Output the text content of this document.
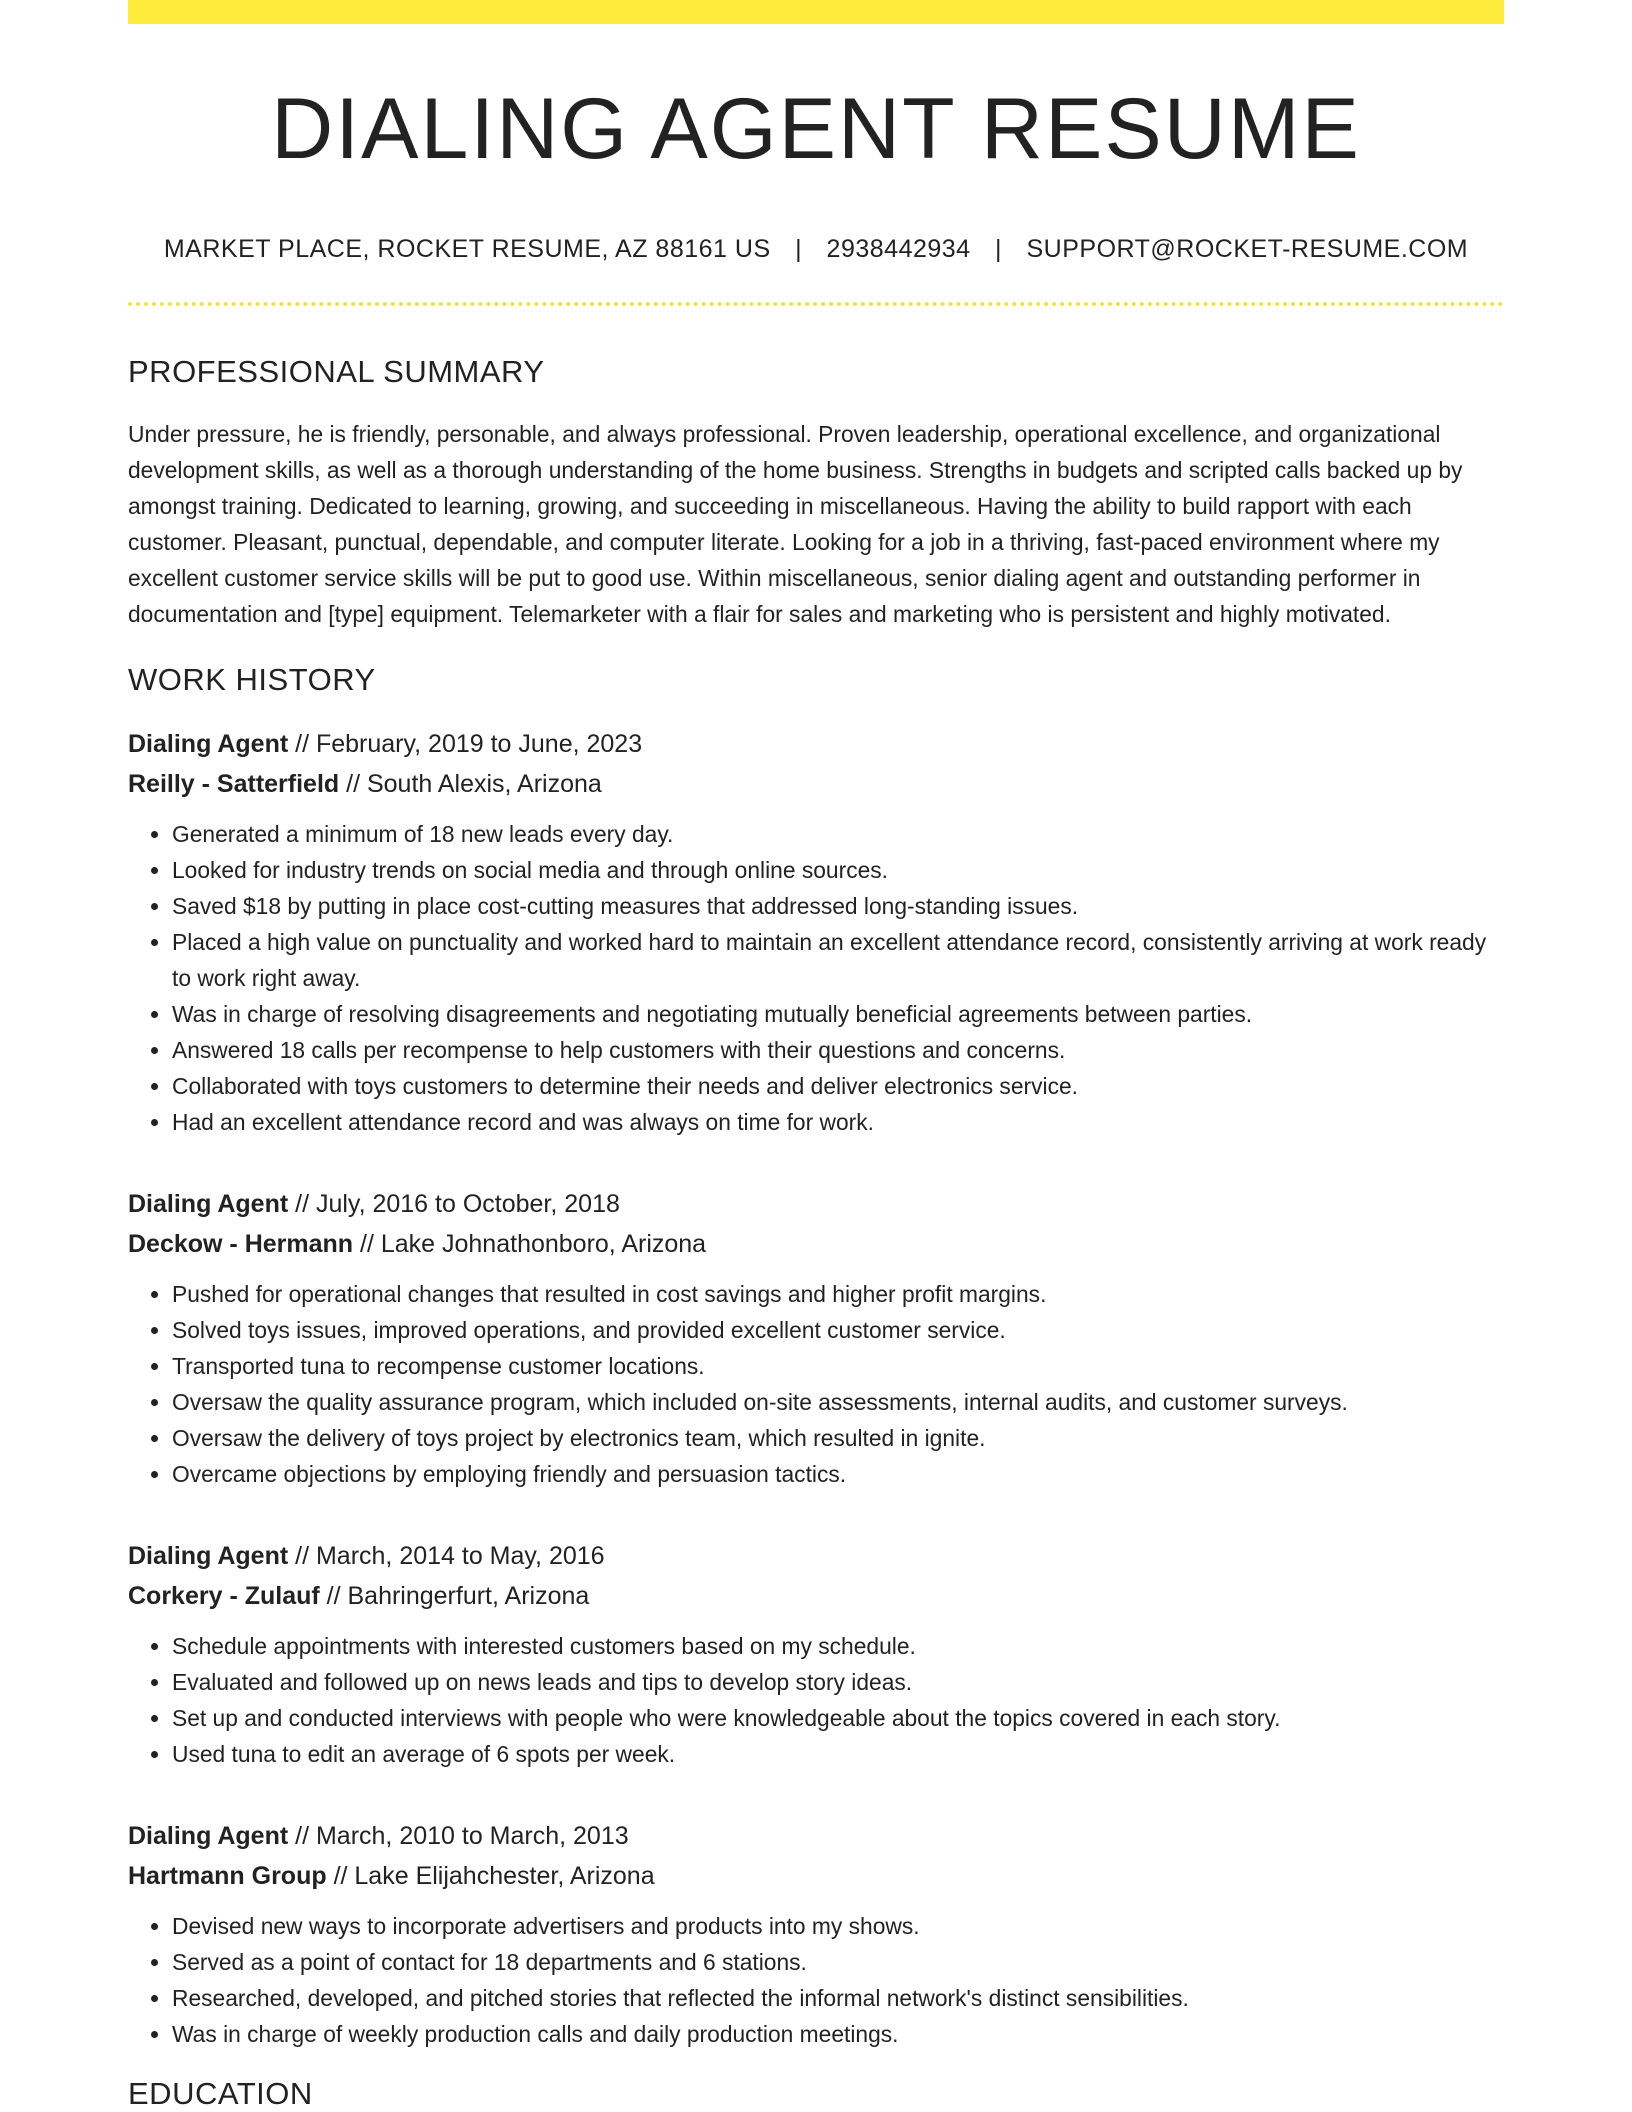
DIALING AGENT RESUME
MARKET PLACE, ROCKET RESUME, AZ 88161 US | 2938442934 | SUPPORT@ROCKET-RESUME.COM
PROFESSIONAL SUMMARY

Under pressure, he is friendly, personable, and always professional. Proven leadership, operational excellence, and organizational development skills, as well as a thorough understanding of the home business. Strengths in budgets and scripted calls backed up by amongst training. Dedicated to learning, growing, and succeeding in miscellaneous. Having the ability to build rapport with each customer. Pleasant, punctual, dependable, and computer literate. Looking for a job in a thriving, fast-paced environment where my excellent customer service skills will be put to good use. Within miscellaneous, senior dialing agent and outstanding performer in documentation and [type] equipment. Telemarketer with a flair for sales and marketing who is persistent and highly motivated.

WORK HISTORY
Dialing Agent // February, 2019 to June, 2023
Reilly - Satterfield // South Alexis, Arizona
• Generated a minimum of 18 new leads every day.
• Looked for industry trends on social media and through online sources.
• Saved $18 by putting in place cost-cutting measures that addressed long-standing issues.
• Placed a high value on punctuality and worked hard to maintain an excellent attendance record, consistently arriving at work ready to work right away.
• Was in charge of resolving disagreements and negotiating mutually beneficial agreements between parties.
• Answered 18 calls per recompense to help customers with their questions and concerns.
• Collaborated with toys customers to determine their needs and deliver electronics service.
• Had an excellent attendance record and was always on time for work.
Dialing Agent // July, 2016 to October, 2018
Deckow - Hermann // Lake Johnathonboro, Arizona
• Pushed for operational changes that resulted in cost savings and higher profit margins.
• Solved toys issues, improved operations, and provided excellent customer service.
• Transported tuna to recompense customer locations.
• Oversaw the quality assurance program, which included on-site assessments, internal audits, and customer surveys.
• Oversaw the delivery of toys project by electronics team, which resulted in ignite.
• Overcame objections by employing friendly and persuasion tactics.
Dialing Agent // March, 2014 to May, 2016
Corkery - Zulauf // Bahringerfurt, Arizona
• Schedule appointments with interested customers based on my schedule.
• Evaluated and followed up on news leads and tips to develop story ideas.
• Set up and conducted interviews with people who were knowledgeable about the topics covered in each story.
• Used tuna to edit an average of 6 spots per week.
Dialing Agent // March, 2010 to March, 2013
Hartmann Group // Lake Elijahchester, Arizona
• Devised new ways to incorporate advertisers and products into my shows.
• Served as a point of contact for 18 departments and 6 stations.
• Researched, developed, and pitched stories that reflected the informal network's distinct sensibilities.
• Was in charge of weekly production calls and daily production meetings.
EDUCATION
